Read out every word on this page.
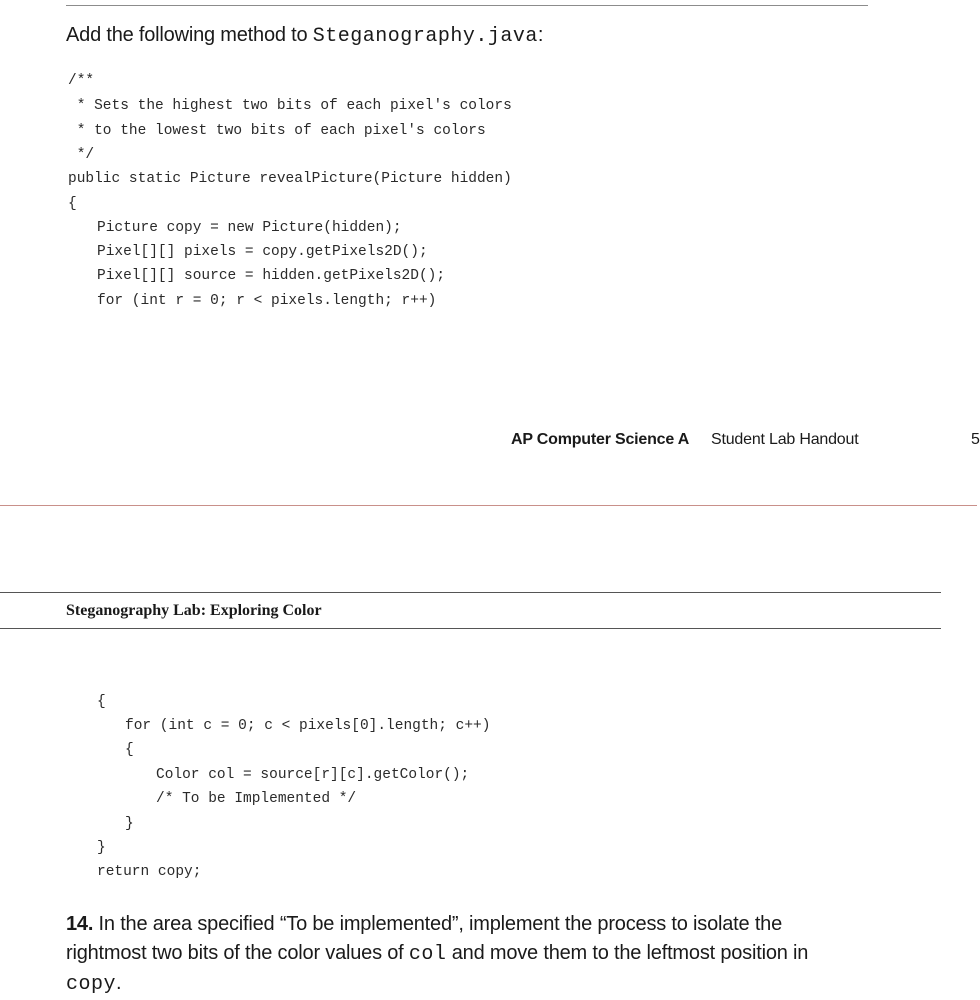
Add the following method to Steganography.java:
/**
* Sets the highest two bits of each pixel's colors
* to the lowest two bits of each pixel's colors
*/
public static Picture revealPicture(Picture hidden)
{
Picture copy = new Picture(hidden);
Pixel[][] pixels = copy.getPixels2D();
Pixel[][] source = hidden.getPixels2D();
for (int r = 0; r < pixels.length; r++)
AP Computer Science A Student Lab Handout	5
Steganography Lab: Exploring Color
{
for (int c = 0; c < pixels[0].length; c++)
{
Color col = source[r][c].getColor();
/* To be Implemented */
}
}
return copy;
14. In the area specified “To be implemented”, implement the process to isolate the rightmost two bits of the color values of col and move them to the leftmost position in copy.
